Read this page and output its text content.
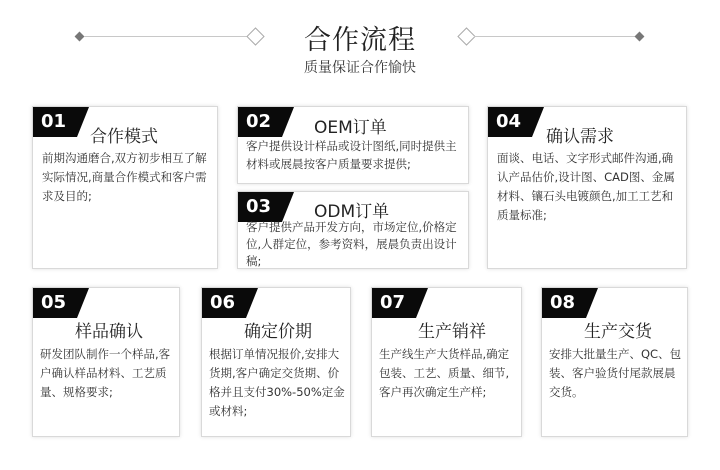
合作流程
质量保证合作愉快
01
合作模式
前期沟通磨合,双方初步相互了解实际情况,商量合作模式和客户需求及目的;
02	OEM订单
客户提供设计样品或设计图纸,同时提供主材料或展晨按客户质量要求提供;
03	ODM订单
客户提供产品开发方向，市场定位,价格定位,人群定位，参考资料，展晨负责出设计稿;
04
确认需求
面谈、电话、文字形式邮件沟通,确认产品估价,设计图、CAD图、金属材料、镶石头电镀颜色,加工工艺和质量标准;
05
样品确认
研发团队制作一个样品,客户确认样品材料、工艺质量、规格要求;
06
确定价期
根据订单情况报价,安排大货期,客户确定交货期、价格并且支付30%-50%定金或材料;
07
生产销祥
生产线生产大货样品,确定包装、工艺、质量、细节,客户再次确定生产样;
08
生产交货
安排大批量生产、QC、包装、客户验货付尾款展晨交货。
